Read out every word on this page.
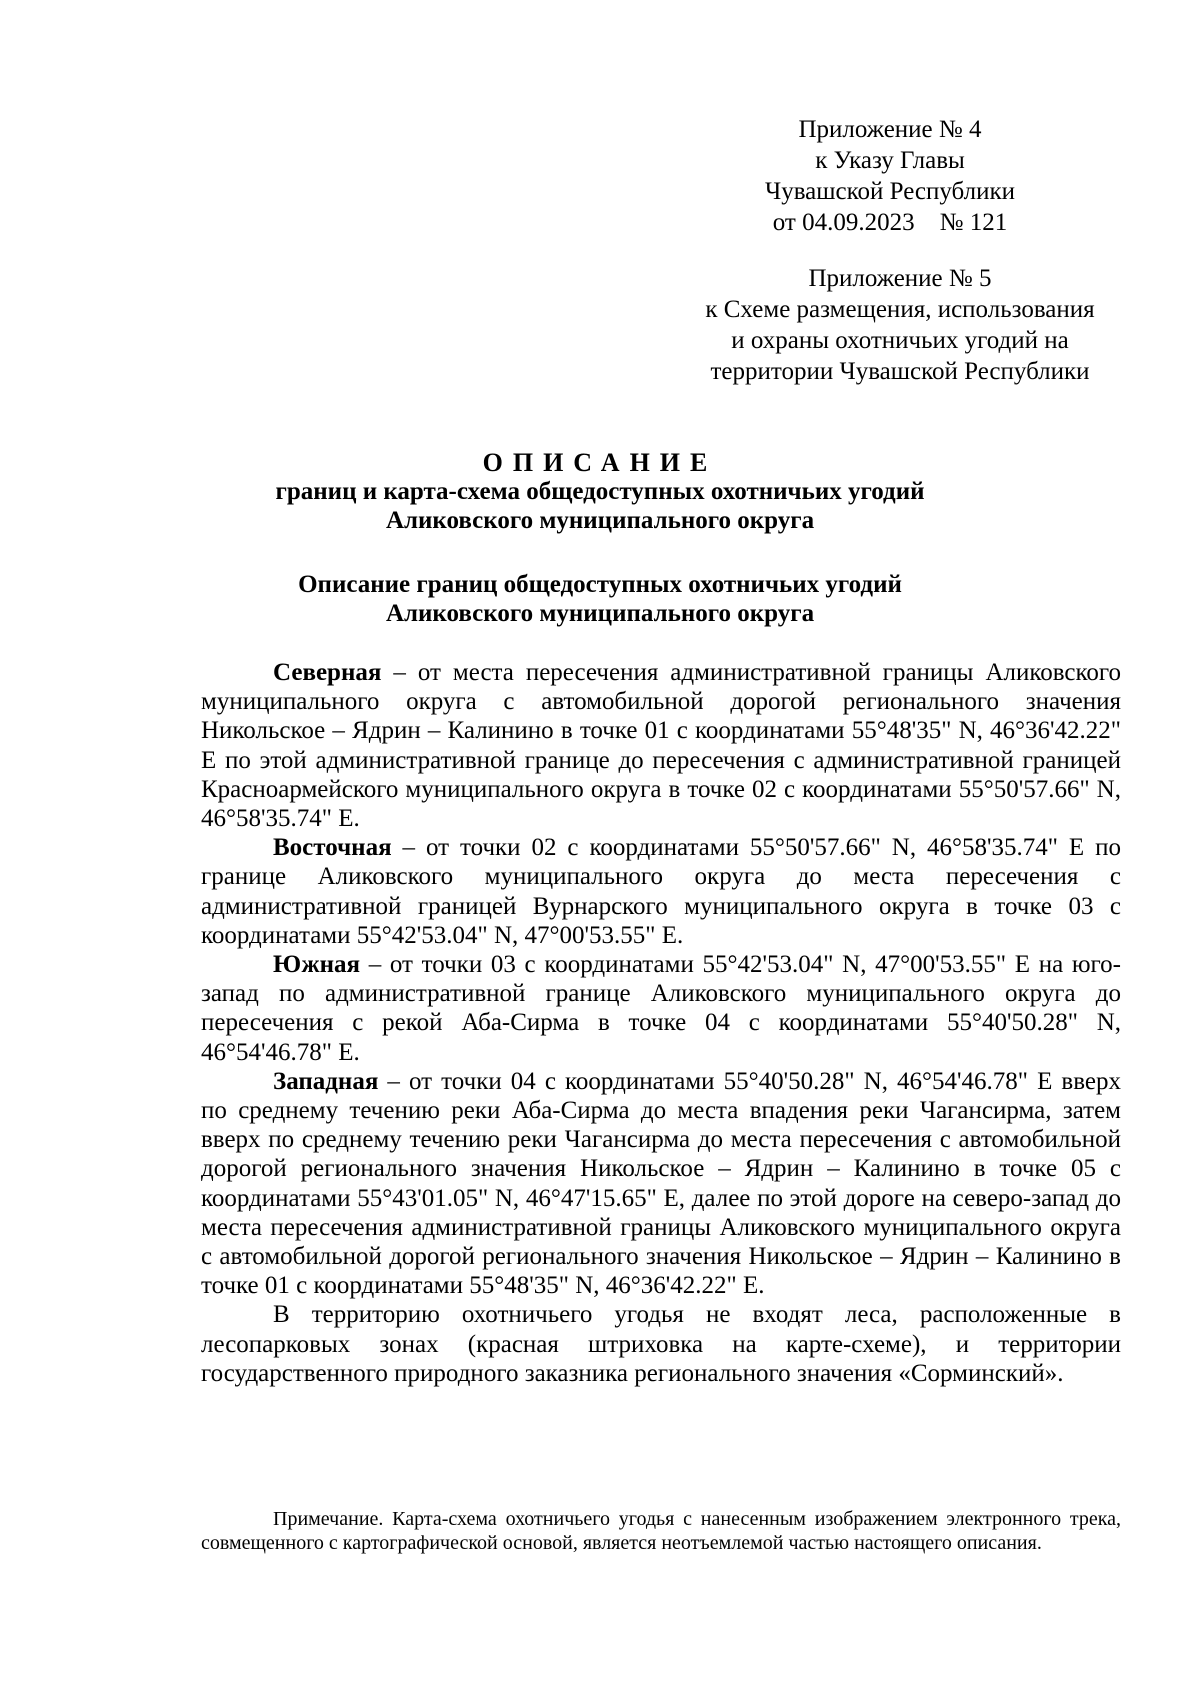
Приложение № 4
к Указу Главы
Чувашской Республики
от 04.09.2023    № 121
Приложение № 5
к Схеме размещения, использования
и охраны охотничьих угодий на
территории Чувашской Республики
ОПИСАНИЕ
границ и карта-схема общедоступных охотничьих угодий
Аликовского муниципального округа
Описание границ общедоступных охотничьих угодий
Аликовского муниципального округа

Северная – от места пересечения административной границы Аликовского муниципального округа с автомобильной дорогой регионального значения Никольское – Ядрин – Калинино в точке 01 с координатами 55°48'35" N, 46°36'42.22" E по этой административной границе до пересечения с административной границей Красноармейского муниципального округа в точке 02 с координатами 55°50'57.66" N, 46°58'35.74" E.

Восточная – от точки 02 с координатами 55°50'57.66" N, 46°58'35.74" E по границе Аликовского муниципального округа до места пересечения с административной границей Вурнарского муниципального округа в точке 03 с координатами 55°42'53.04" N, 47°00'53.55" E.

Южная – от точки 03 с координатами 55°42'53.04" N, 47°00'53.55" E на юго-запад по административной границе Аликовского муниципального округа до пересечения с рекой Аба-Сирма в точке 04 с координатами 55°40'50.28" N, 46°54'46.78" E.

Западная – от точки 04 с координатами 55°40'50.28" N, 46°54'46.78" E вверх по среднему течению реки Аба-Сирма до места впадения реки Чагансирма, затем вверх по среднему течению реки Чагансирма до места пересечения с автомобильной дорогой регионального значения Никольское – Ядрин – Калинино в точке 05 с координатами 55°43'01.05" N, 46°47'15.65" E, далее по этой дороге на северо-запад до места пересечения административной границы Аликовского муниципального округа с автомобильной дорогой регионального значения Никольское – Ядрин – Калинино в точке 01 с координатами 55°48'35" N, 46°36'42.22" E.

В территорию охотничьего угодья не входят леса, расположенные в лесопарковых зонах (красная штриховка на карте-схеме), и территории государственного природного заказника регионального значения «Сорминский».

Примечание. Карта-схема охотничьего угодья с нанесенным изображением электронного трека, совмещенного с картографической основой, является неотъемлемой частью настоящего описания.
